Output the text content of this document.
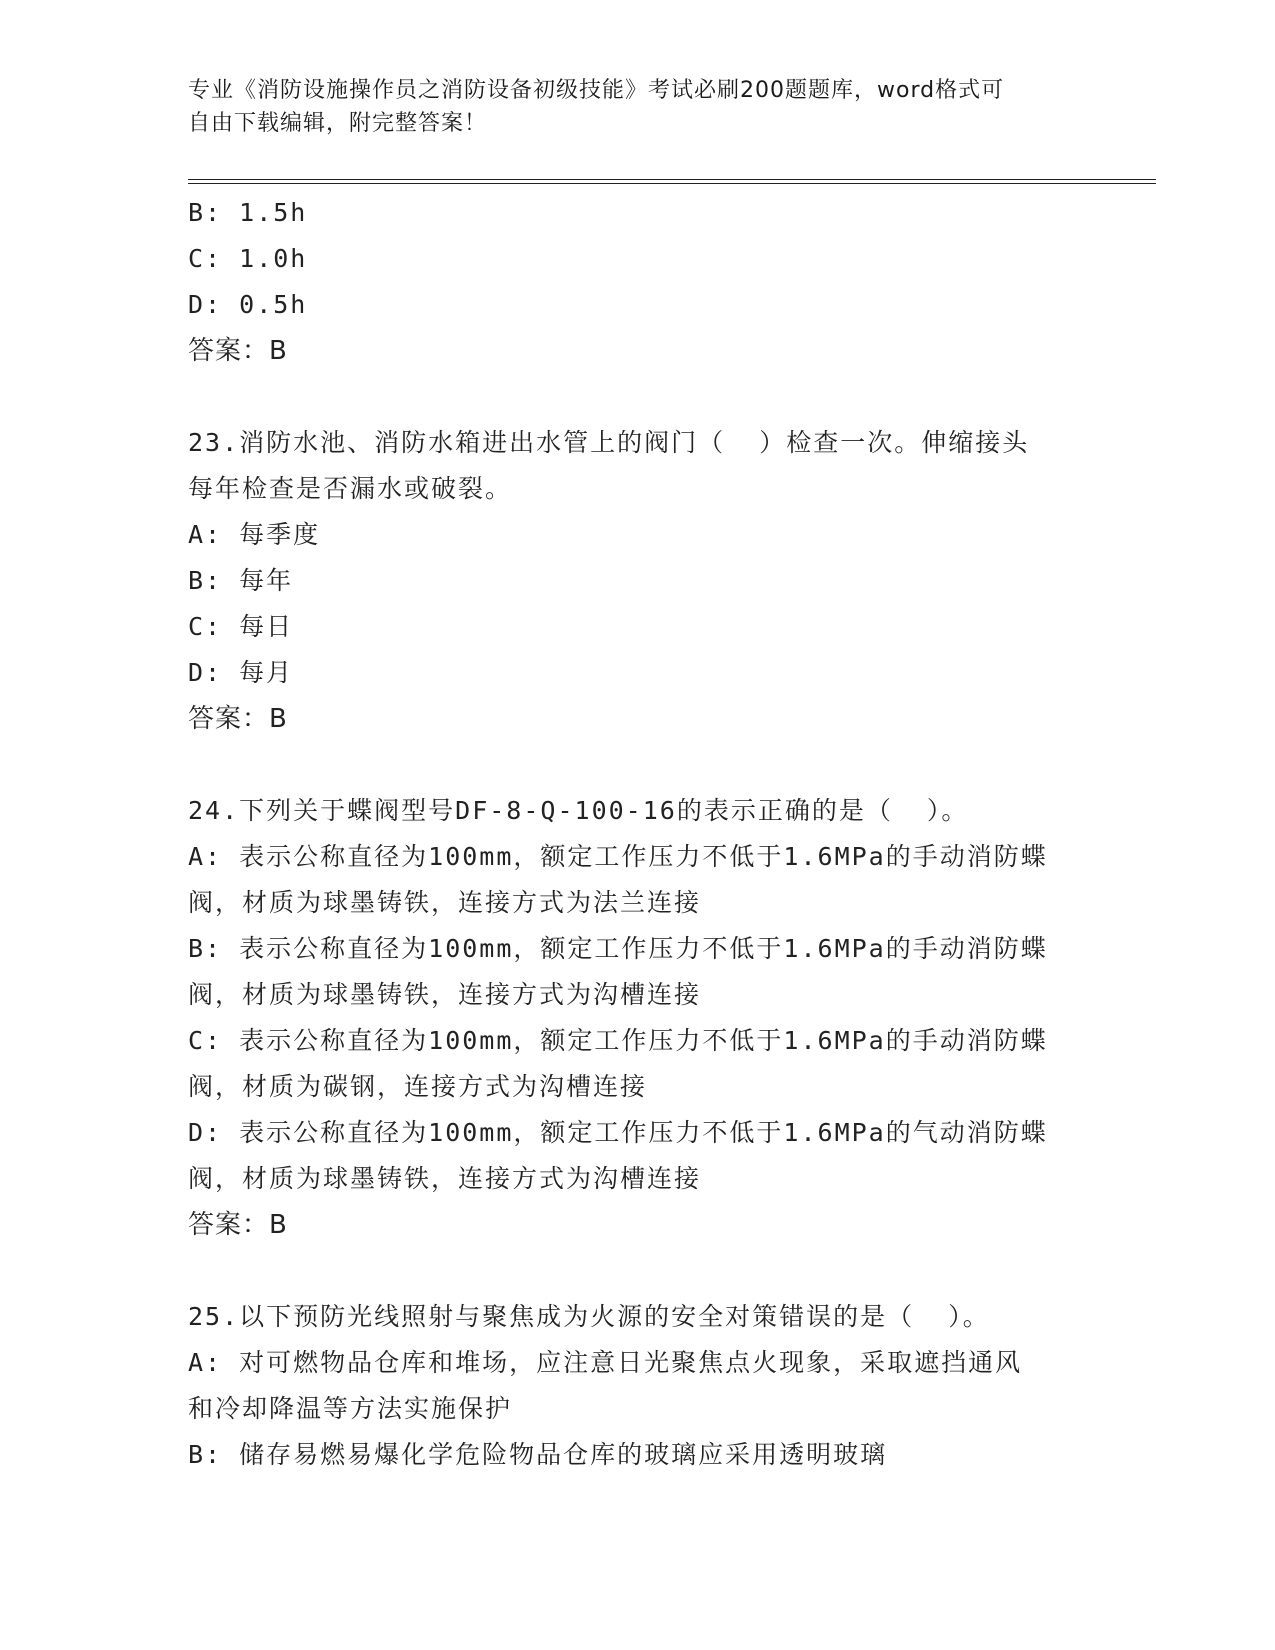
专业《消防设施操作员之消防设备初级技能》考试必刷200题题库，word格式可
自由下载编辑，附完整答案！
B: 1.5h
C: 1.0h
D: 0.5h
答案：B
23.消防水池、消防水箱进出水管上的阀门（  ）检查一次。伸缩接头
每年检查是否漏水或破裂。
A: 每季度
B: 每年
C: 每日
D: 每月
答案：B
24.下列关于蝶阀型号DF-8-Q-100-16的表示正确的是（  ）。
A: 表示公称直径为100mm，额定工作压力不低于1.6MPa的手动消防蝶
阀，材质为球墨铸铁，连接方式为法兰连接
B: 表示公称直径为100mm，额定工作压力不低于1.6MPa的手动消防蝶
阀，材质为球墨铸铁，连接方式为沟槽连接
C: 表示公称直径为100mm，额定工作压力不低于1.6MPa的手动消防蝶
阀，材质为碳钢，连接方式为沟槽连接
D: 表示公称直径为100mm，额定工作压力不低于1.6MPa的气动消防蝶
阀，材质为球墨铸铁，连接方式为沟槽连接
答案：B
25.以下预防光线照射与聚焦成为火源的安全对策错误的是（  ）。
A: 对可燃物品仓库和堆场，应注意日光聚焦点火现象，采取遮挡通风
和冷却降温等方法实施保护
B: 储存易燃易爆化学危险物品仓库的玻璃应采用透明玻璃
